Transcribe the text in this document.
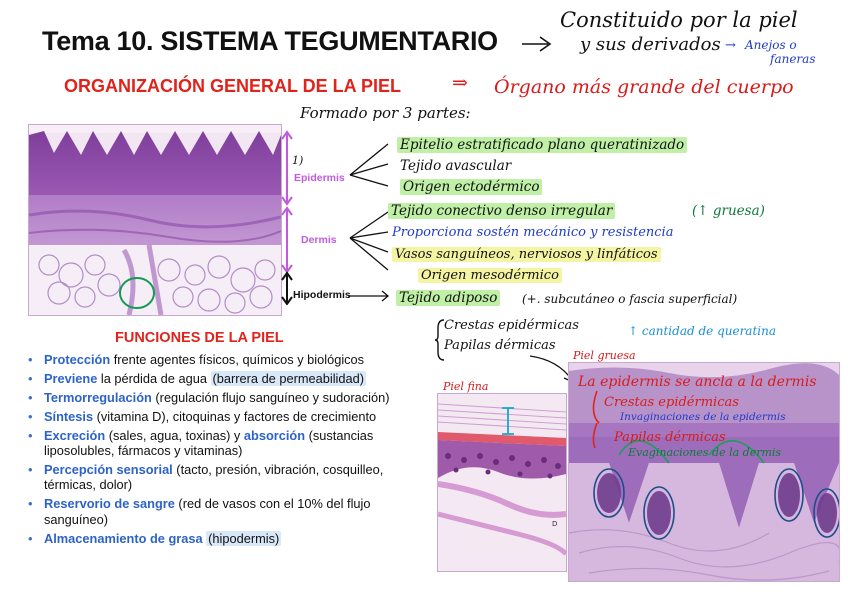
Tema 10. SISTEMA TEGUMENTARIO
Constituido por la piel
y sus derivados → Anejos o
faneras
ORGANIZACIÓN GENERAL DE LA PIEL	⇒ Órgano más grande del cuerpo
Formado por 3 partes:
1)
Epidermis
Dermis
Hipodermis
Epitelio estratificado plano queratinizado
Tejido avascular
Origen ectodérmico
Tejido conectivo denso irregular	(↑ gruesa)
Proporciona sostén mecánico y resistencia
Vasos sanguíneos, nerviosos y linfáticos
Origen mesodérmico
Tejido adiposo (+. subcutáneo o fascia superficial)
FUNCIONES DE LA PIEL
• Protección frente agentes físicos, químicos y biológicos
• Previene la pérdida de agua (barrera de permeabilidad)
• Termorregulación (regulación flujo sanguíneo y sudoración)
• Síntesis (vitamina D), citoquinas y factores de crecimiento
• Excreción (sales, agua, toxinas) y absorción (sustancias liposolubles, fármacos y vitaminas)
• Percepción sensorial (tacto, presión, vibración, cosquilleo, térmicas, dolor)
• Reservorio de sangre (red de vasos con el 10% del flujo sanguíneo)
• Almacenamiento de grasa (hipodermis)
Crestas epidérmicas
Papilas dérmicas
↑ cantidad de queratina
D
Piel fina
Piel gruesa
La epidermis se ancla a la dermis
Crestas epidérmicas
Invaginaciones de la epidermis
Papilas dérmicas
Evaginaciones de la dermis
